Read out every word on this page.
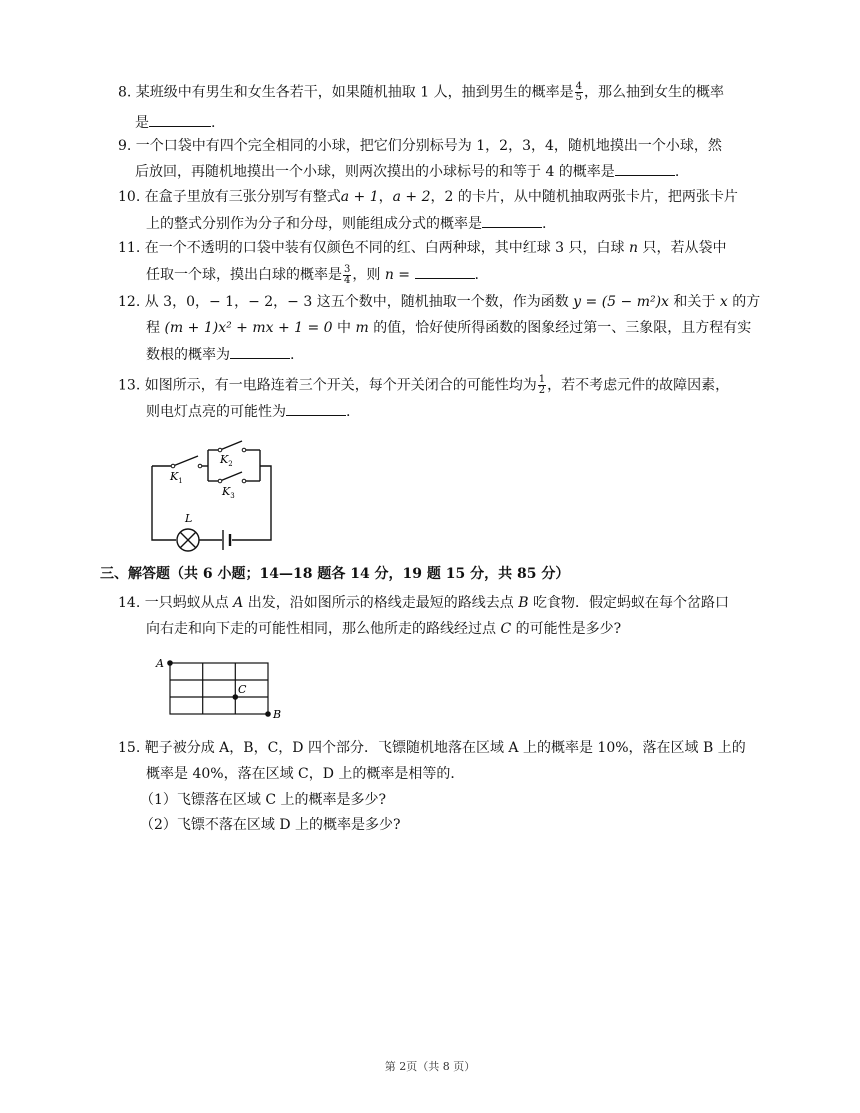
8. 某班级中有男生和女生各若干，如果随机抽取 1 人，抽到男生的概率是 $\frac{4}{5}$ ，那么抽到女生的概率
是	.
9. 一个口袋中有四个完全相同的小球，把它们分别标号为 1，2，3，4，随机地摸出一个小球，然
后放回，再随机地摸出一个小球，则两次摸出的小球标号的和等于 4 的概率是	.
10. 在盒子里放有三张分别写有整式a + 1，a + 2，2 的卡片，从中随机抽取两张卡片，把两张卡片
上的整式分别作为分子和分母，则能组成分式的概率是	.
11. 在一个不透明的口袋中装有仅颜色不同的红、白两种球，其中红球 3 只，白球 n 只，若从袋中
任取一个球，摸出白球的概率是 $\frac{3}{4}$ ，则 n =	.
12. 从 3，0，− 1，− 2，− 3 这五个数中，随机抽取一个数，作为函数 y = (5 − m²)x 和关于 x 的方
程 (m + 1)x² + mx + 1 = 0 中 m 的值，恰好使所得函数的图象经过第一、三象限，且方程有实
数根的概率为	.
13. 如图所示，有一电路连着三个开关，每个开关闭合的可能性均为 $\frac{1}{2}$ ，若不考虑元件的故障因素，
则电灯点亮的可能性为	.
$K_1$
$K_2$
$K_3$
L
三、解答题（共 6 小题；14—18 题各 14 分，19 题 15 分，共 85 分）
14. 一只蚂蚁从点 A 出发，沿如图所示的格线走最短的路线去点 B 吃食物．假定蚂蚁在每个岔路口
向右走和向下走的可能性相同，那么他所走的路线经过点 C 的可能性是多少?
A
C
B
15. 靶子被分成 A，B，C，D 四个部分．飞镖随机地落在区域 A 上的概率是 10%，落在区域 B 上的
概率是 40%，落在区域 C，D 上的概率是相等的．
（1）飞镖落在区域 C 上的概率是多少?
（2）飞镖不落在区域 D 上的概率是多少?
第 2页（共 8 页）
